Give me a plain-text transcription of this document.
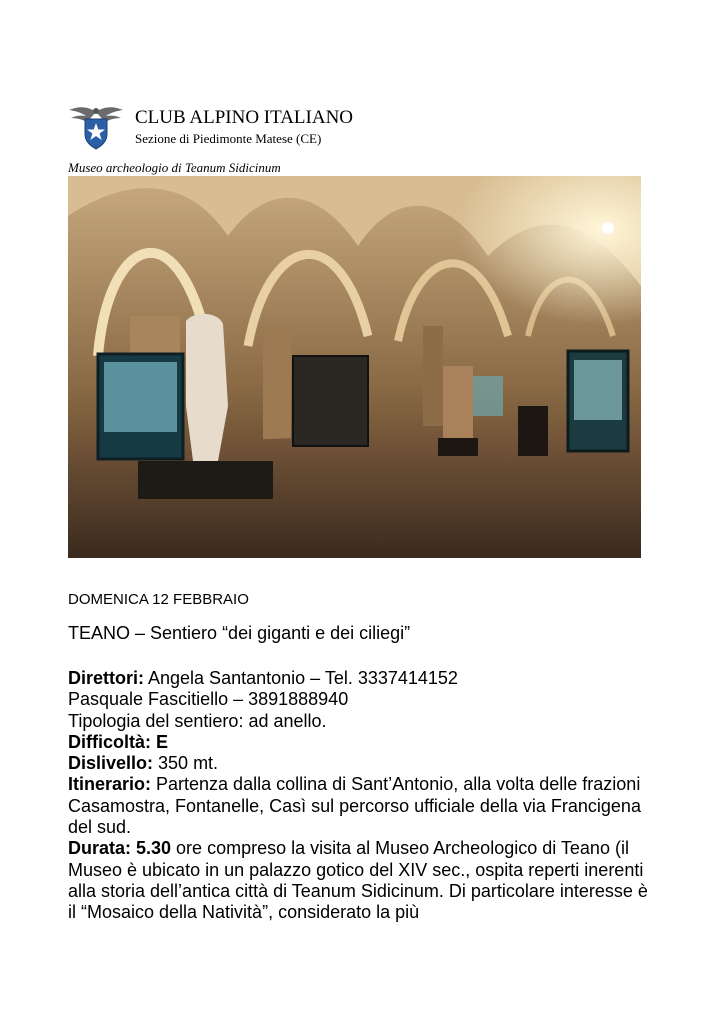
CLUB ALPINO ITALIANO
Sezione di Piedimonte Matese (CE)
Museo archeologio di Teanum Sidicinum
DOMENICA 12 FEBBRAIO
TEANO – Sentiero “dei giganti e dei ciliegi”

Direttori: Angela Santantonio – Tel. 3337414152

Pasquale Fascitiello – 3891888940

Tipologia del sentiero: ad anello.

Difficoltà: E

Dislivello: 350 mt.

Itinerario: Partenza dalla collina di Sant’Antonio, alla volta delle frazioni Casamostra, Fontanelle, Casì sul percorso ufficiale della via Francigena del sud.

Durata: 5.30 ore compreso la visita al Museo Archeologico di Teano (il Museo è ubicato in un palazzo gotico del XIV sec., ospita reperti inerenti alla storia dell’antica città di Teanum Sidicinum. Di particolare interesse è il “Mosaico della Natività”, considerato la più
